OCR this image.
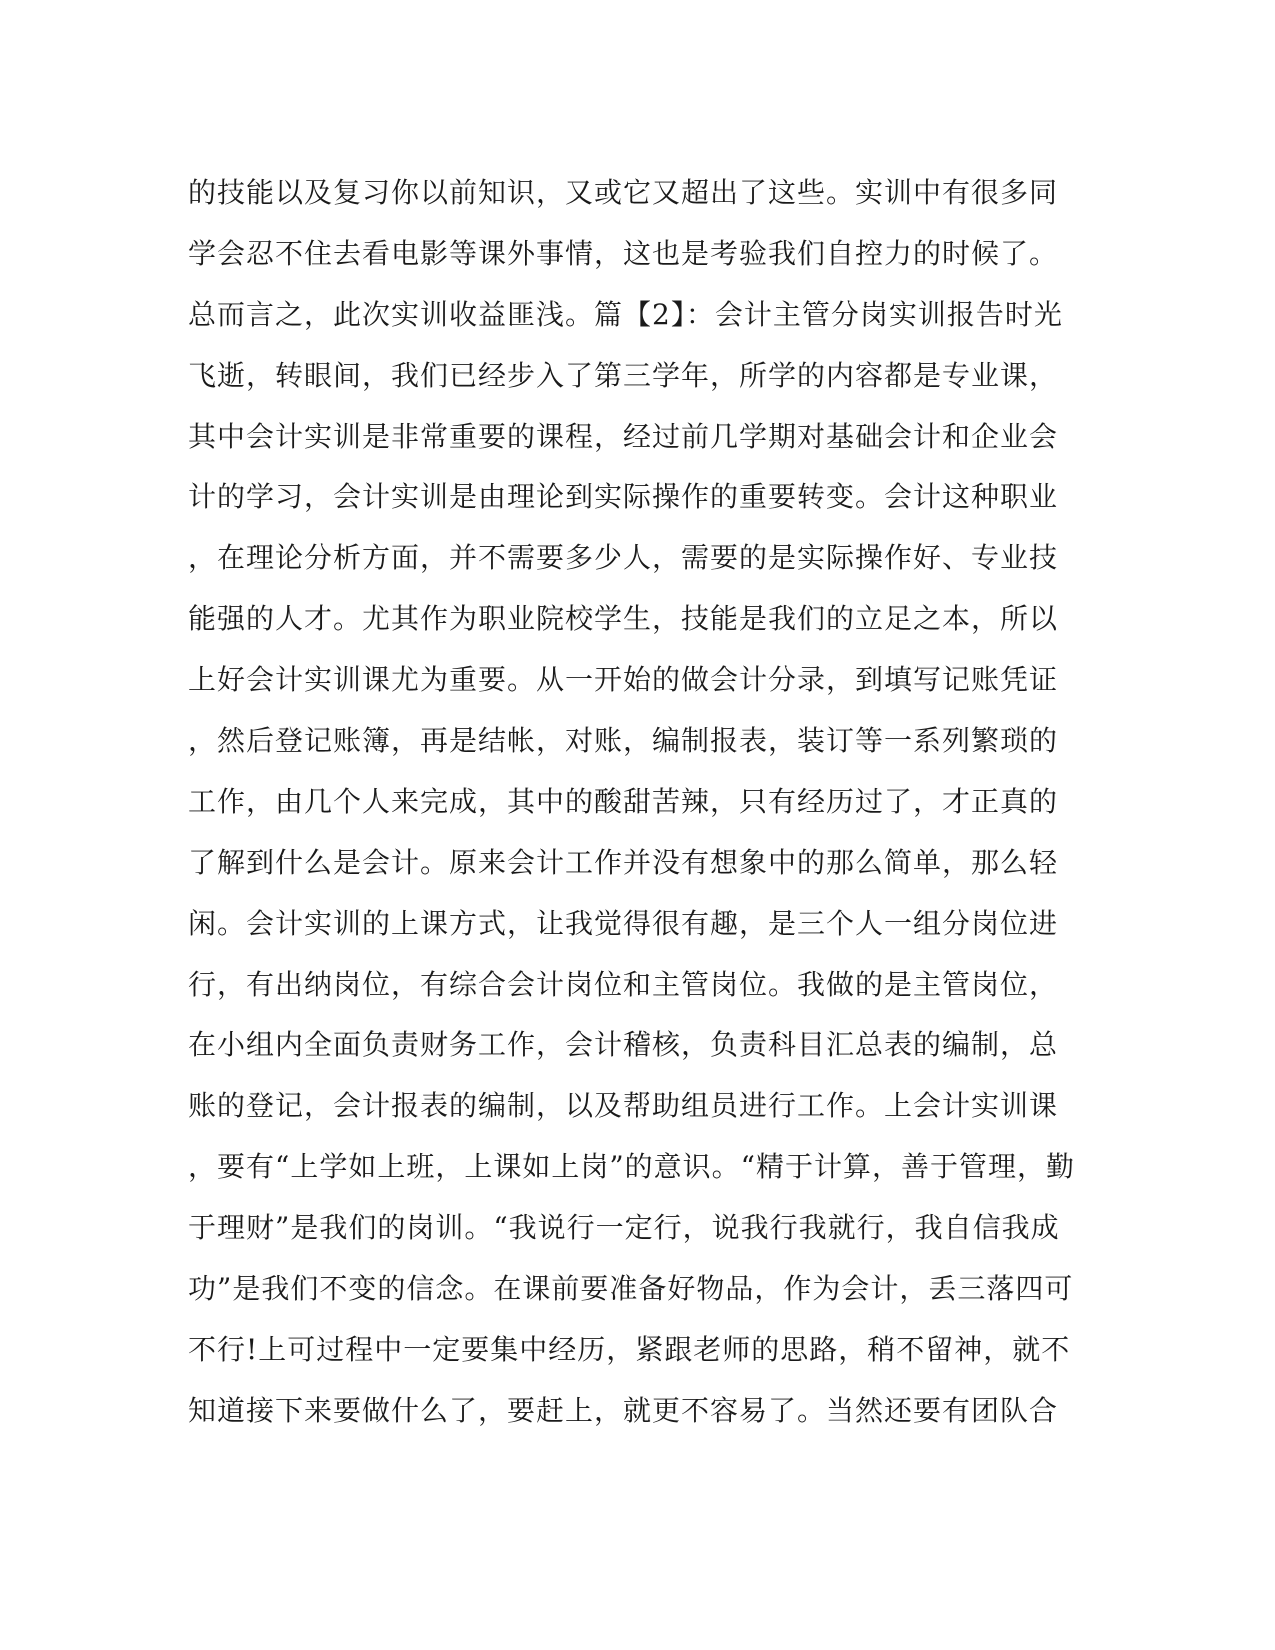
的技能以及复习你以前知识，又或它又超出了这些。实训中有很多同
学会忍不住去看电影等课外事情，这也是考验我们自控力的时候了。
总而言之，此次实训收益匪浅。篇【2】：会计主管分岗实训报告时光
飞逝，转眼间，我们已经步入了第三学年，所学的内容都是专业课，
其中会计实训是非常重要的课程，经过前几学期对基础会计和企业会
计的学习，会计实训是由理论到实际操作的重要转变。会计这种职业
，在理论分析方面，并不需要多少人，需要的是实际操作好、专业技
能强的人才。尤其作为职业院校学生，技能是我们的立足之本，所以
上好会计实训课尤为重要。从一开始的做会计分录，到填写记账凭证
，然后登记账簿，再是结帐，对账，编制报表，装订等一系列繁琐的
工作，由几个人来完成，其中的酸甜苦辣，只有经历过了，才正真的
了解到什么是会计。原来会计工作并没有想象中的那么简单，那么轻
闲。会计实训的上课方式，让我觉得很有趣，是三个人一组分岗位进
行，有出纳岗位，有综合会计岗位和主管岗位。我做的是主管岗位，
在小组内全面负责财务工作，会计稽核，负责科目汇总表的编制，总
账的登记，会计报表的编制，以及帮助组员进行工作。上会计实训课
，要有“上学如上班，上课如上岗”的意识。“精于计算，善于管理，勤
于理财”是我们的岗训。“我说行一定行，说我行我就行，我自信我成
功”是我们不变的信念。在课前要准备好物品，作为会计，丢三落四可
不行!上可过程中一定要集中经历，紧跟老师的思路，稍不留神，就不
知道接下来要做什么了，要赶上，就更不容易了。当然还要有团队合
